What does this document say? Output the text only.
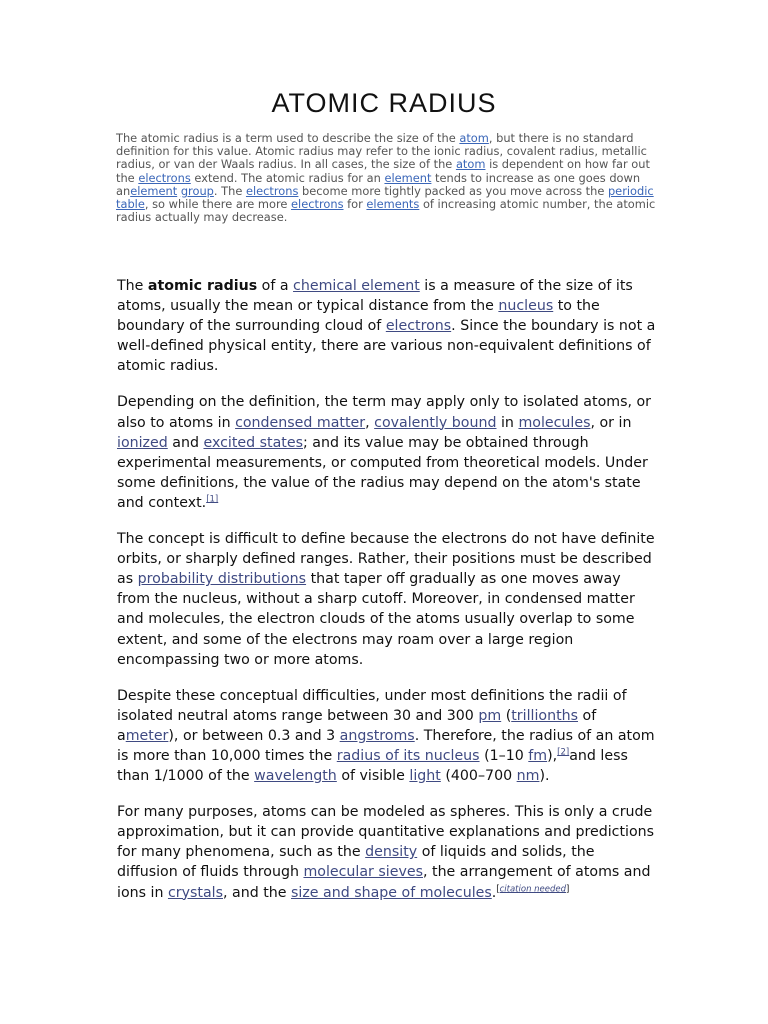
ATOMIC RADIUS

The atomic radius is a term used to describe the size of the atom, but there is no standard definition for this value. Atomic radius may refer to the ionic radius, covalent radius, metallic radius, or van der Waals radius. In all cases, the size of the atom is dependent on how far out the electrons extend. The atomic radius for an element tends to increase as one goes down anelement group. The electrons become more tightly packed as you move across the periodic table, so while there are more electrons for elements of increasing atomic number, the atomic radius actually may decrease.

The atomic radius of a chemical element is a measure of the size of its atoms, usually the mean or typical distance from the nucleus to the boundary of the surrounding cloud of electrons. Since the boundary is not a well-defined physical entity, there are various non-equivalent definitions of atomic radius.

Depending on the definition, the term may apply only to isolated atoms, or also to atoms in condensed matter, covalently bound in molecules, or in ionized and excited states; and its value may be obtained through experimental measurements, or computed from theoretical models. Under some definitions, the value of the radius may depend on the atom's state and context.[1]

The concept is difficult to define because the electrons do not have definite orbits, or sharply defined ranges. Rather, their positions must be described as probability distributions that taper off gradually as one moves away from the nucleus, without a sharp cutoff. Moreover, in condensed matter and molecules, the electron clouds of the atoms usually overlap to some extent, and some of the electrons may roam over a large region encompassing two or more atoms.

Despite these conceptual difficulties, under most definitions the radii of isolated neutral atoms range between 30 and 300 pm (trillionths of ameter), or between 0.3 and 3 angstroms. Therefore, the radius of an atom is more than 10,000 times the radius of its nucleus (1–10 fm),[2]and less than 1/1000 of the wavelength of visible light (400–700 nm).

For many purposes, atoms can be modeled as spheres. This is only a crude approximation, but it can provide quantitative explanations and predictions for many phenomena, such as the density of liquids and solids, the diffusion of fluids through molecular sieves, the arrangement of atoms and ions in crystals, and the size and shape of molecules.[citation needed]
